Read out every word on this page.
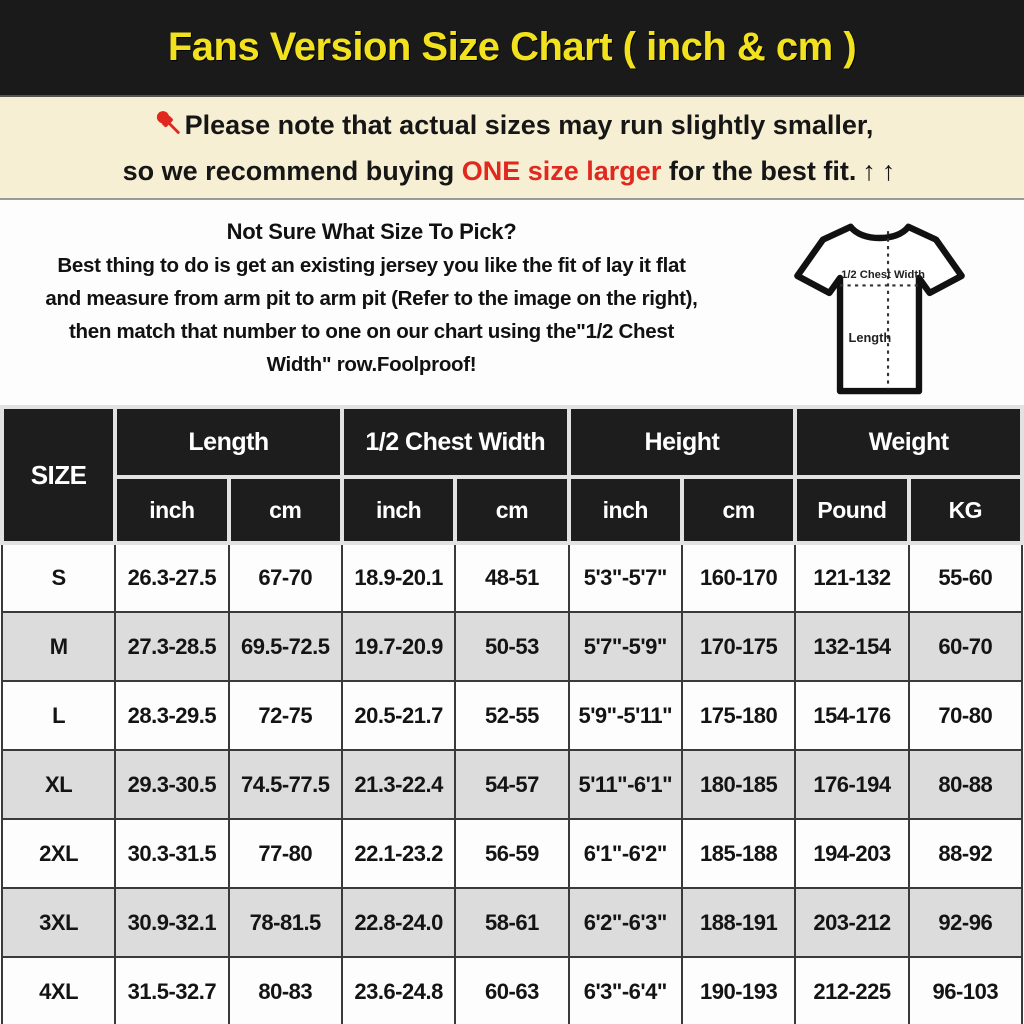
Fans Version Size Chart ( inch & cm )
Please note that actual sizes may run slightly smaller,
so we recommend buying ONE size larger for the best fit. ↑↑
Not Sure What Size To Pick?
Best thing to do is get an existing jersey you like the fit of lay it flat
and measure from arm pit to arm pit (Refer to the image on the right),
then match that number to one on our chart using the"1/2 Chest
Width" row.Foolproof!
1/2 Chest Width
Length
SIZE	Length		1/2 Chest Width		Height		Weight	
	inch	cm	inch	cm	inch	cm	Pound	KG
S	26.3-27.5	67-70	18.9-20.1	48-51	5'3"-5'7"	160-170	121-132	55-60
M	27.3-28.5	69.5-72.5	19.7-20.9	50-53	5'7"-5'9"	170-175	132-154	60-70
L	28.3-29.5	72-75	20.5-21.7	52-55	5'9"-5'11"	175-180	154-176	70-80
XL	29.3-30.5	74.5-77.5	21.3-22.4	54-57	5'11"-6'1"	180-185	176-194	80-88
2XL	30.3-31.5	77-80	22.1-23.2	56-59	6'1"-6'2"	185-188	194-203	88-92
3XL	30.9-32.1	78-81.5	22.8-24.0	58-61	6'2"-6'3"	188-191	203-212	92-96
4XL	31.5-32.7	80-83	23.6-24.8	60-63	6'3"-6'4"	190-193	212-225	96-103
